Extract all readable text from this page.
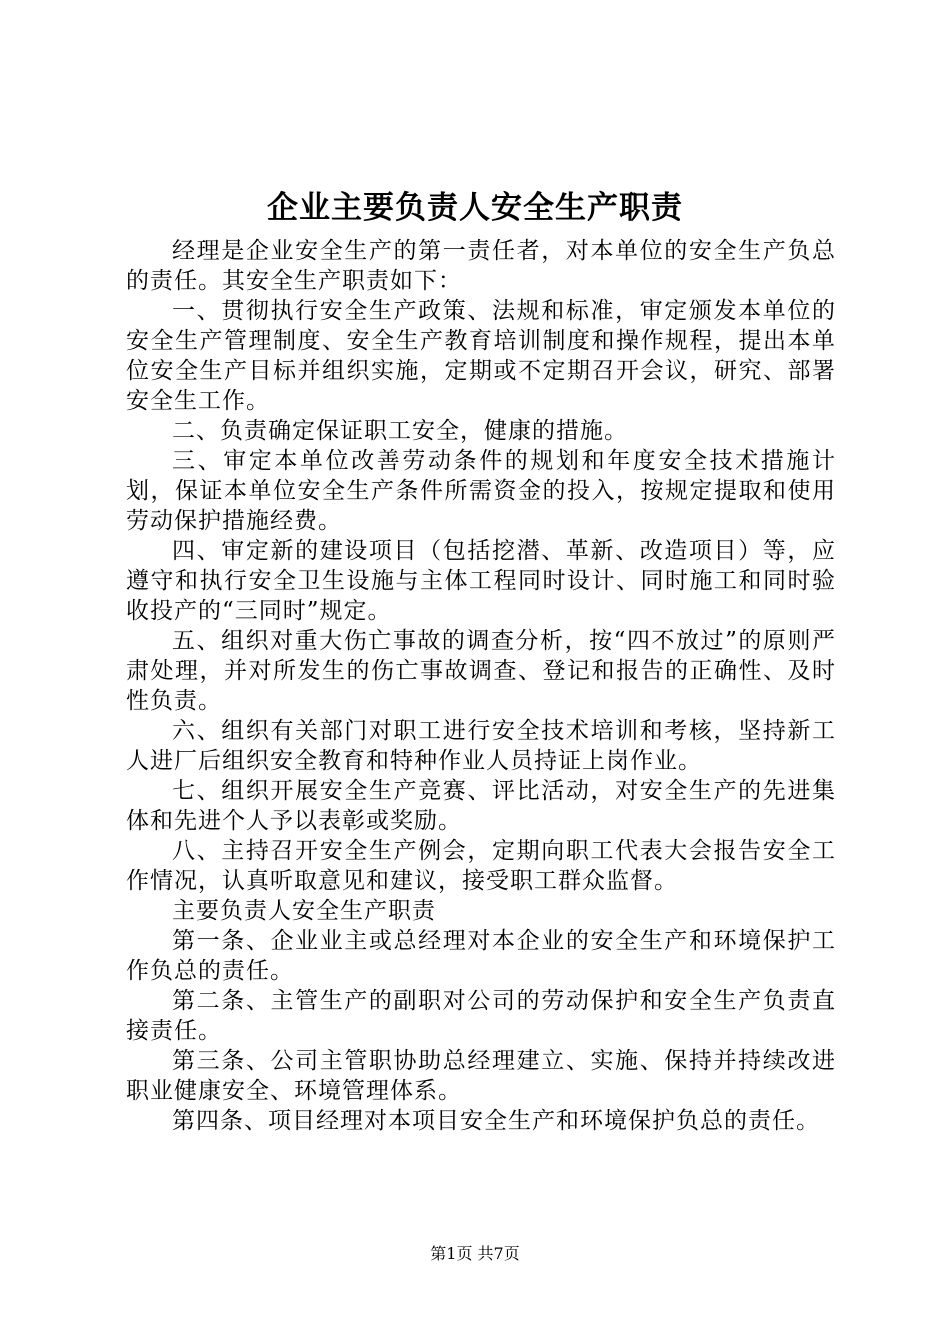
企业主要负责人安全生产职责

经理是企业安全生产的第一责任者，对本单位的安全生产负总的责任。其安全生产职责如下：

一、贯彻执行安全生产政策、法规和标准，审定颁发本单位的安全生产管理制度、安全生产教育培训制度和操作规程，提出本单位安全生产目标并组织实施，定期或不定期召开会议，研究、部署安全生工作。

二、负责确定保证职工安全，健康的措施。

三、审定本单位改善劳动条件的规划和年度安全技术措施计划，保证本单位安全生产条件所需资金的投入，按规定提取和使用劳动保护措施经费。

四、审定新的建设项目（包括挖潜、革新、改造项目）等，应遵守和执行安全卫生设施与主体工程同时设计、同时施工和同时验收投产的“三同时”规定。

五、组织对重大伤亡事故的调查分析，按“四不放过”的原则严肃处理，并对所发生的伤亡事故调查、登记和报告的正确性、及时性负责。

六、组织有关部门对职工进行安全技术培训和考核，坚持新工人进厂后组织安全教育和特种作业人员持证上岗作业。

七、组织开展安全生产竞赛、评比活动，对安全生产的先进集体和先进个人予以表彰或奖励。

八、主持召开安全生产例会，定期向职工代表大会报告安全工作情况，认真听取意见和建议，接受职工群众监督。

主要负责人安全生产职责

第一条、企业业主或总经理对本企业的安全生产和环境保护工作负总的责任。

第二条、主管生产的副职对公司的劳动保护和安全生产负责直接责任。

第三条、公司主管职协助总经理建立、实施、保持并持续改进职业健康安全、环境管理体系。

第四条、项目经理对本项目安全生产和环境保护负总的责任。

第1页 共7页
